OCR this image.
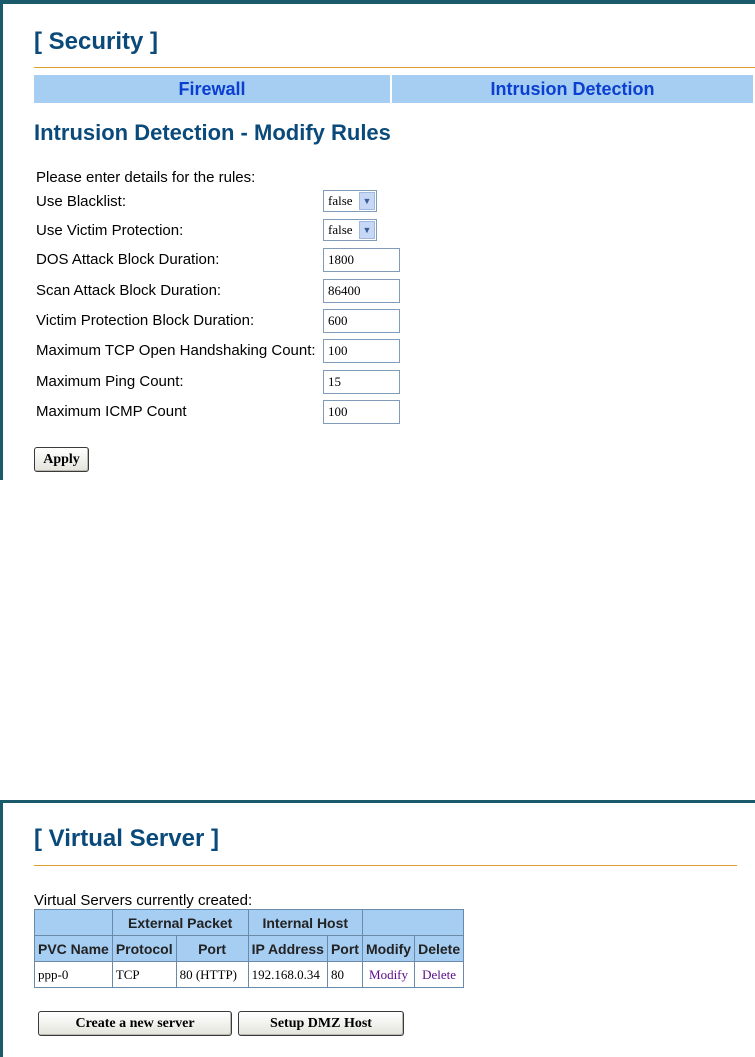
[ Security ]
Firewall	Intrusion Detection
Intrusion Detection - Modify Rules
Please enter details for the rules:
Use Blacklist:	false	▼
Use Victim Protection:	false	▼
DOS Attack Block Duration:	1800
Scan Attack Block Duration:	86400
Victim Protection Block Duration:	600
Maximum TCP Open Handshaking Count: 100
Maximum Ping Count:	15
Maximum ICMP Count	100
Apply
[ Virtual Server ]
Virtual Servers currently created:
	External Packet		Internal Host			
PVC Name	Protocol	Port	IP Address	Port	Modify	Delete
ppp-0	TCP	80 (HTTP)	192.168.0.34	80	Modify	Delete
Create a new server	Setup DMZ Host
